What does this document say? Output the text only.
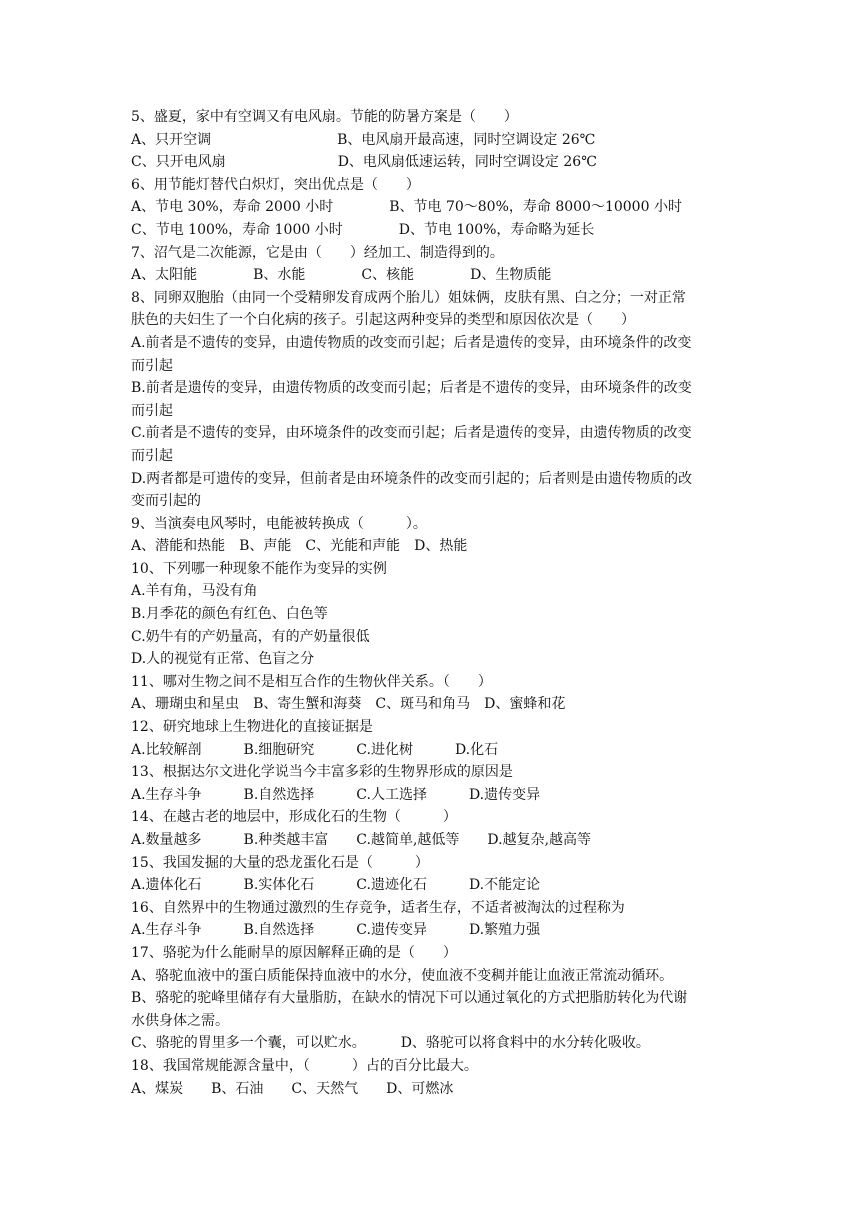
5、盛夏，家中有空调又有电风扇。节能的防暑方案是（　　）
A、只开空调　　　　　　　　　B、电风扇开最高速，同时空调设定 26℃
C、只开电风扇　　　　　　　　D、电风扇低速运转，同时空调设定 26℃
6、用节能灯替代白炽灯，突出优点是（　　）
A、节电 30%，寿命 2000 小时　　　　B、节电 70～80%，寿命 8000～10000 小时
C、节电 100%，寿命 1000 小时　　　　D、节电 100%，寿命略为延长
7、沼气是二次能源，它是由（　　）经加工、制造得到的。
A、太阳能　　　　B、水能　　　　C、核能　　　　D、生物质能
8、同卵双胞胎（由同一个受精卵发育成两个胎儿）姐妹俩，皮肤有黑、白之分；一对正常
肤色的夫妇生了一个白化病的孩子。引起这两种变异的类型和原因依次是（　　）
A.前者是不遗传的变异，由遗传物质的改变而引起；后者是遗传的变异，由环境条件的改变
而引起
B.前者是遗传的变异，由遗传物质的改变而引起；后者是不遗传的变异，由环境条件的改变
而引起
C.前者是不遗传的变异，由环境条件的改变而引起；后者是遗传的变异，由遗传物质的改变
而引起
D.两者都是可遗传的变异，但前者是由环境条件的改变而引起的；后者则是由遗传物质的改
变而引起的
9、当演奏电风琴时，电能被转换成（　　　）。
A、潜能和热能　B、声能　C、光能和声能　D、热能
10、下列哪一种现象不能作为变异的实例
A.羊有角，马没有角
B.月季花的颜色有红色、白色等
C.奶牛有的产奶量高，有的产奶量很低
D.人的视觉有正常、色盲之分
11、哪对生物之间不是相互合作的生物伙伴关系。（　　）
A、珊瑚虫和星虫　B、寄生蟹和海葵　C、斑马和角马　D、蜜蜂和花
12、研究地球上生物进化的直接证据是
A.比较解剖　　　B.细胞研究　　　C.进化树　　　D.化石
13、根据达尔文进化学说当今丰富多彩的生物界形成的原因是
A.生存斗争　　　B.自然选择　　　C.人工选择　　　D.遗传变异
14、在越古老的地层中，形成化石的生物（　　　）
A.数量越多　　　B.种类越丰富　　C.越简单,越低等　　D.越复杂,越高等
15、我国发掘的大量的恐龙蛋化石是（　　　）
A.遗体化石　　　B.实体化石　　　C.遗迹化石　　　D.不能定论
16、自然界中的生物通过激烈的生存竞争，适者生存，不适者被淘汰的过程称为
A.生存斗争　　　B.自然选择　　　C.遗传变异　　　D.繁殖力强
17、骆驼为什么能耐旱的原因解释正确的是（　　）
A、骆驼血液中的蛋白质能保持血液中的水分，使血液不变稠并能让血液正常流动循环。
B、骆驼的驼峰里储存有大量脂肪，在缺水的情况下可以通过氧化的方式把脂肪转化为代谢
水供身体之需。
C、骆驼的胃里多一个囊，可以贮水。　　　D、骆驼可以将食料中的水分转化吸收。
18、我国常规能源含量中，（　　　）占的百分比最大。
A、煤炭　　B、石油　　C、天然气　　D、可燃冰
